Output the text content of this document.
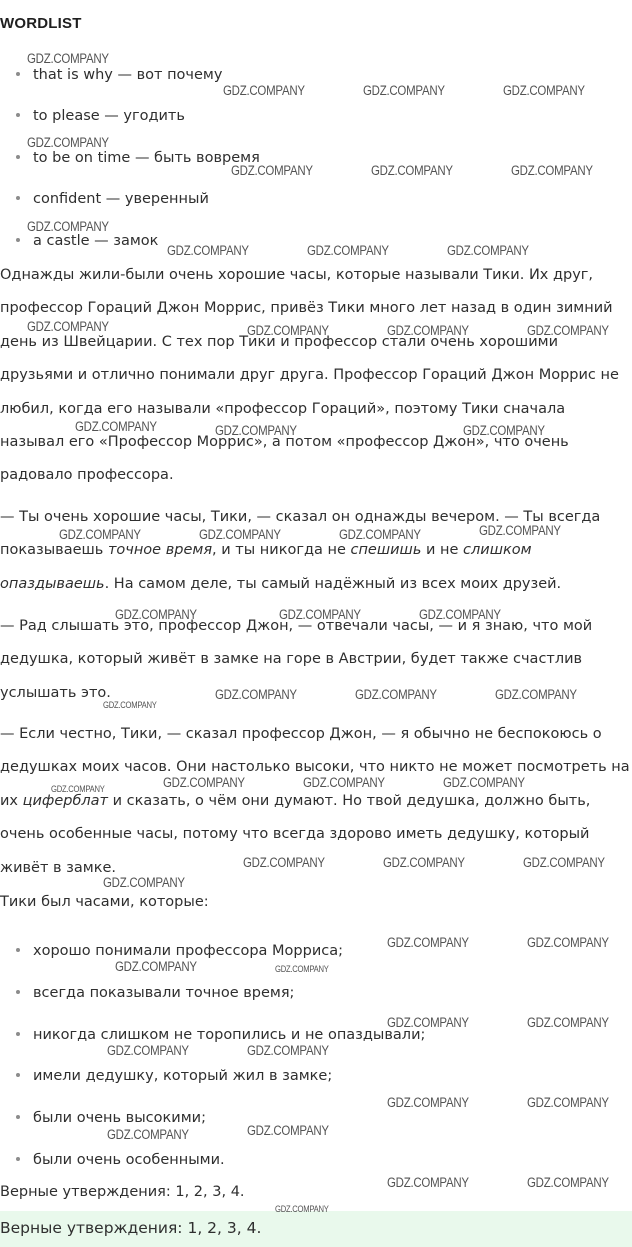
WORDLIST
that is why — вот почему
to please — угодить
to be on time — быть вовремя
confident — уверенный
a castle — замок

Однажды жили-были очень хорошие часы, которые называли Тики. Их друг, профессор Гораций Джон Моррис, привёз Тики много лет назад в один зимний день из Швейцарии. С тех пор Тики и профессор стали очень хорошими друзьями и отлично понимали друг друга. Профессор Гораций Джон Моррис не любил, когда его называли «профессор Гораций», поэтому Тики сначала называл его «Профессор Моррис», а потом «профессор Джон», что очень радовало профессора.

— Ты очень хорошие часы, Тики, — сказал он однажды вечером. — Ты всегда показываешь точное время, и ты никогда не спешишь и не слишком опаздываешь. На самом деле, ты самый надёжный из всех моих друзей.

— Рад слышать это, профессор Джон, — отвечали часы, — и я знаю, что мой дедушка, который живёт в замке на горе в Австрии, будет также счастлив услышать это.

— Если честно, Тики, — сказал профессор Джон, — я обычно не беспокоюсь о дедушках моих часов. Они настолько высоки, что никто не может посмотреть на их циферблат и сказать, о чём они думают. Но твой дедушка, должно быть, очень особенные часы, потому что всегда здорово иметь дедушку, который живёт в замке.

Тики был часами, которые:

хорошо понимали профессора Морриса;
всегда показывали точное время;
никогда слишком не торопились и не опаздывали;
имели дедушку, который жил в замке;
были очень высокими;
были очень особенными.
Верные утверждения: 1, 2, 3, 4.
Верные утверждения: 1, 2, 3, 4.
GDZ.COMPANY
GDZ.COMPANY	GDZ.COMPANY	GDZ.COMPANY
GDZ.COMPANY
GDZ.COMPANY	GDZ.COMPANY	GDZ.COMPANY
GDZ.COMPANY
GDZ.COMPANY	GDZ.COMPANY	GDZ.COMPANY
GDZ.COMPANY	GDZ.COMPANY	GDZ.COMPANY	GDZ.COMPANY
GDZ.COMPANY	GDZ.COMPANY	GDZ.COMPANY
GDZ.COMPANY	GDZ.COMPANY	GDZ.COMPANY	GDZ.COMPANY
GDZ.COMPANY	GDZ.COMPANY	GDZ.COMPANY
GDZ.COMPANY
GDZ.COMPANY	GDZ.COMPANY	GDZ.COMPANY
GDZ.COMPANY	GDZ.COMPANY	GDZ.COMPANY	GDZ.COMPANY
GDZ.COMPANY	GDZ.COMPANY	GDZ.COMPANY
GDZ.COMPANY
GDZ.COMPANY	GDZ.COMPANY
GDZ.COMPANY	GDZ.COMPANY
GDZ.COMPANY	GDZ.COMPANY
GDZ.COMPANY	GDZ.COMPANY
GDZ.COMPANY	GDZ.COMPANY
GDZ.COMPANY	GDZ.COMPANY
GDZ.COMPANY	GDZ.COMPANY
GDZ.COMPANY
